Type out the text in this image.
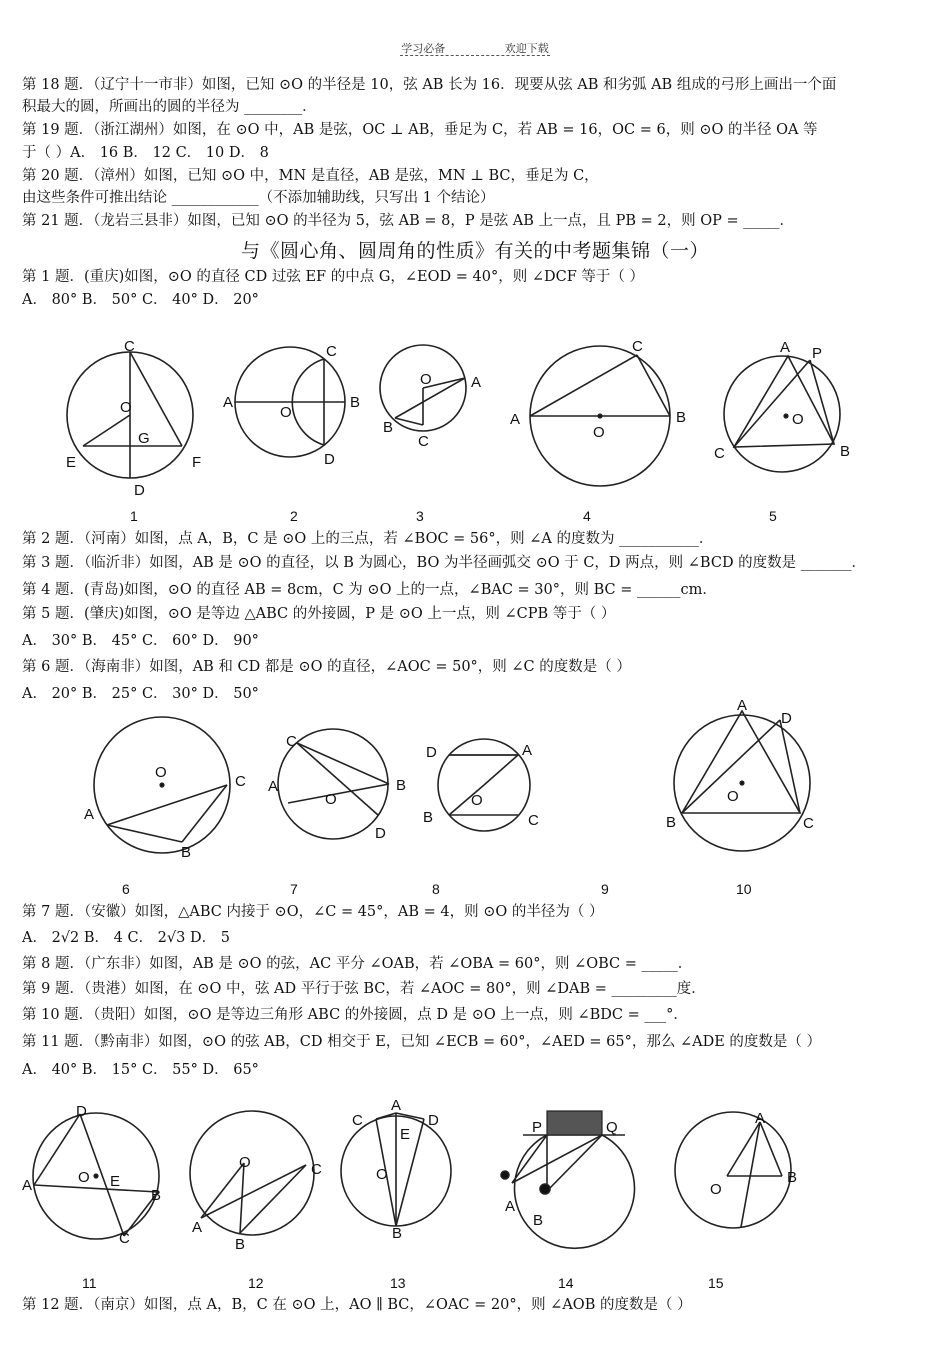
学习必备	欢迎下载
第 18 题．（辽宁十一市非）如图，已知 ⊙O 的半径是 10，弦 AB 长为 16．现要从弦 AB 和劣弧 AB 组成的弓形上画出一个面
积最大的圆，所画出的圆的半径为 ________．
第 19 题．（浙江湖州）如图，在 ⊙O 中，AB 是弦，OC ⊥ AB，垂足为 C，若 AB = 16，OC = 6，则 ⊙O 的半径 OA 等
于（ ）A． 16 B． 12 C． 10 D． 8
第 20 题．（漳州）如图，已知 ⊙O 中，MN 是直径，AB 是弦，MN ⊥ BC，垂足为 C，
由这些条件可推出结论 ____________（不添加辅助线，只写出 1 个结论）
第 21 题．（龙岩三县非）如图，已知 ⊙O 的半径为 5，弦 AB = 8，P 是弦 AB 上一点，且 PB = 2，则 OP = _____．
与《圆心角、圆周角的性质》有关的中考题集锦（一）
第 1 题．(重庆)如图，⊙O 的直径 CD 过弦 EF 的中点 G，∠EOD = 40°，则 ∠DCF 等于（ ）
A． 80° B． 50° C． 40° D． 20°
C
O
G
E	F
D
C
A
O
B
D
O	A
B
C
C
A
O
B
A P
O
C	B
1	2	3	4	5
第 2 题．（河南）如图，点 A，B，C 是 ⊙O 上的三点，若 ∠BOC = 56°，则 ∠A 的度数为 ___________．
第 3 题．（临沂非）如图，AB 是 ⊙O 的直径，以 B 为圆心，BO 为半径画弧交 ⊙O 于 C，D 两点，则 ∠BCD 的度数是 _______．
第 4 题．(青岛)如图，⊙O 的直径 AB = 8cm，C 为 ⊙O 上的一点，∠BAC = 30°，则 BC = ______cm．
第 5 题．(肇庆)如图，⊙O 是等边 △ABC 的外接圆，P 是 ⊙O 上一点，则 ∠CPB 等于（ ）
A． 30° B． 45° C． 60° D． 90°
第 6 题．（海南非）如图，AB 和 CD 都是 ⊙O 的直径，∠AOC = 50°，则 ∠C 的度数是（ ）
A． 20° B． 25° C． 30° D． 50°
O
C
A
B
C
A
O
B
D
D	A
O
B	C
A
D
O
B	C
6	7	8	9	10
第 7 题．（安徽）如图，△ABC 内接于 ⊙O，∠C = 45°，AB = 4，则 ⊙O 的半径为（ ）
A． 2√2 B． 4 C． 2√3 D． 5
第 8 题．（广东非）如图，AB 是 ⊙O 的弦，AC 平分 ∠OAB，若 ∠OBA = 60°，则 ∠OBC = _____．
第 9 题．（贵港）如图，在 ⊙O 中，弦 AD 平行于弦 BC，若 ∠AOC = 80°，则 ∠DAB = _________度．
第 10 题．（贵阳）如图，⊙O 是等边三角形 ABC 的外接圆，点 D 是 ⊙O 上一点，则 ∠BDC = ___°．
第 11 题．（黔南非）如图，⊙O 的弦 AB，CD 相交于 E，已知 ∠ECB = 60°，∠AED = 65°，那么 ∠ADE 的度数是（ ）
A． 40° B． 15° C． 55° D． 65°
D
O E
A
B
C
O	C
A
B
A
C	D
E
O
B
P	Q
A
B
A
O
B
11	12	13	14	15
第 12 题．（南京）如图，点 A，B，C 在 ⊙O 上，AO ∥ BC，∠OAC = 20°，则 ∠AOB 的度数是（ ）
